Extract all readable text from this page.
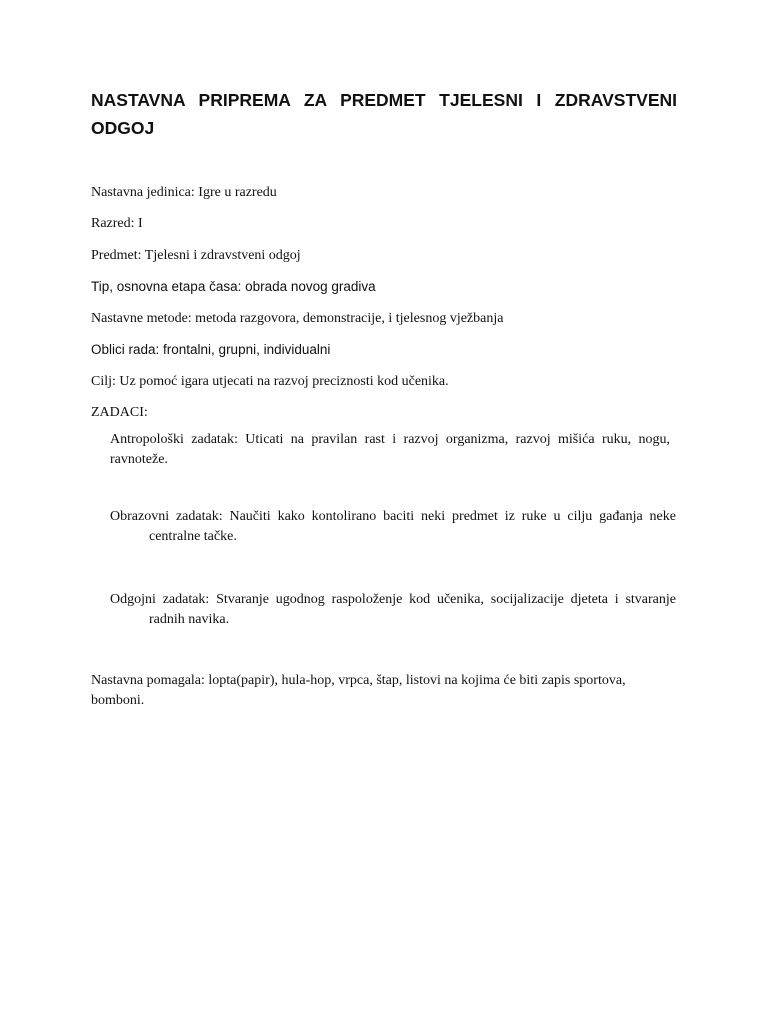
NASTAVNA PRIPREMA ZA PREDMET TJELESNI I ZDRAVSTVENI ODGOJ

Nastavna jedinica: Igre u razredu

Razred: I

Predmet: Tjelesni i zdravstveni odgoj

Tip, osnovna etapa časa: obrada novog gradiva

Nastavne metode: metoda razgovora, demonstracije, i tjelesnog vježbanja

Oblici rada: frontalni, grupni, individualni

Cilj: Uz pomoć igara utjecati na razvoj preciznosti kod učenika.

ZADACI:

Antropološki zadatak: Uticati na pravilan rast i razvoj organizma, razvoj mišića ruku, nogu, ravnoteže.

Obrazovni zadatak: Naučiti kako kontolirano baciti neki predmet iz ruke u cilju gađanja neke centralne tačke.

Odgojni zadatak: Stvaranje ugodnog raspoloženje kod učenika, socijalizacije djeteta i stvaranje radnih navika.

Nastavna pomagala: lopta(papir), hula-hop, vrpca, štap, listovi na kojima će biti zapis sportova, bomboni.
